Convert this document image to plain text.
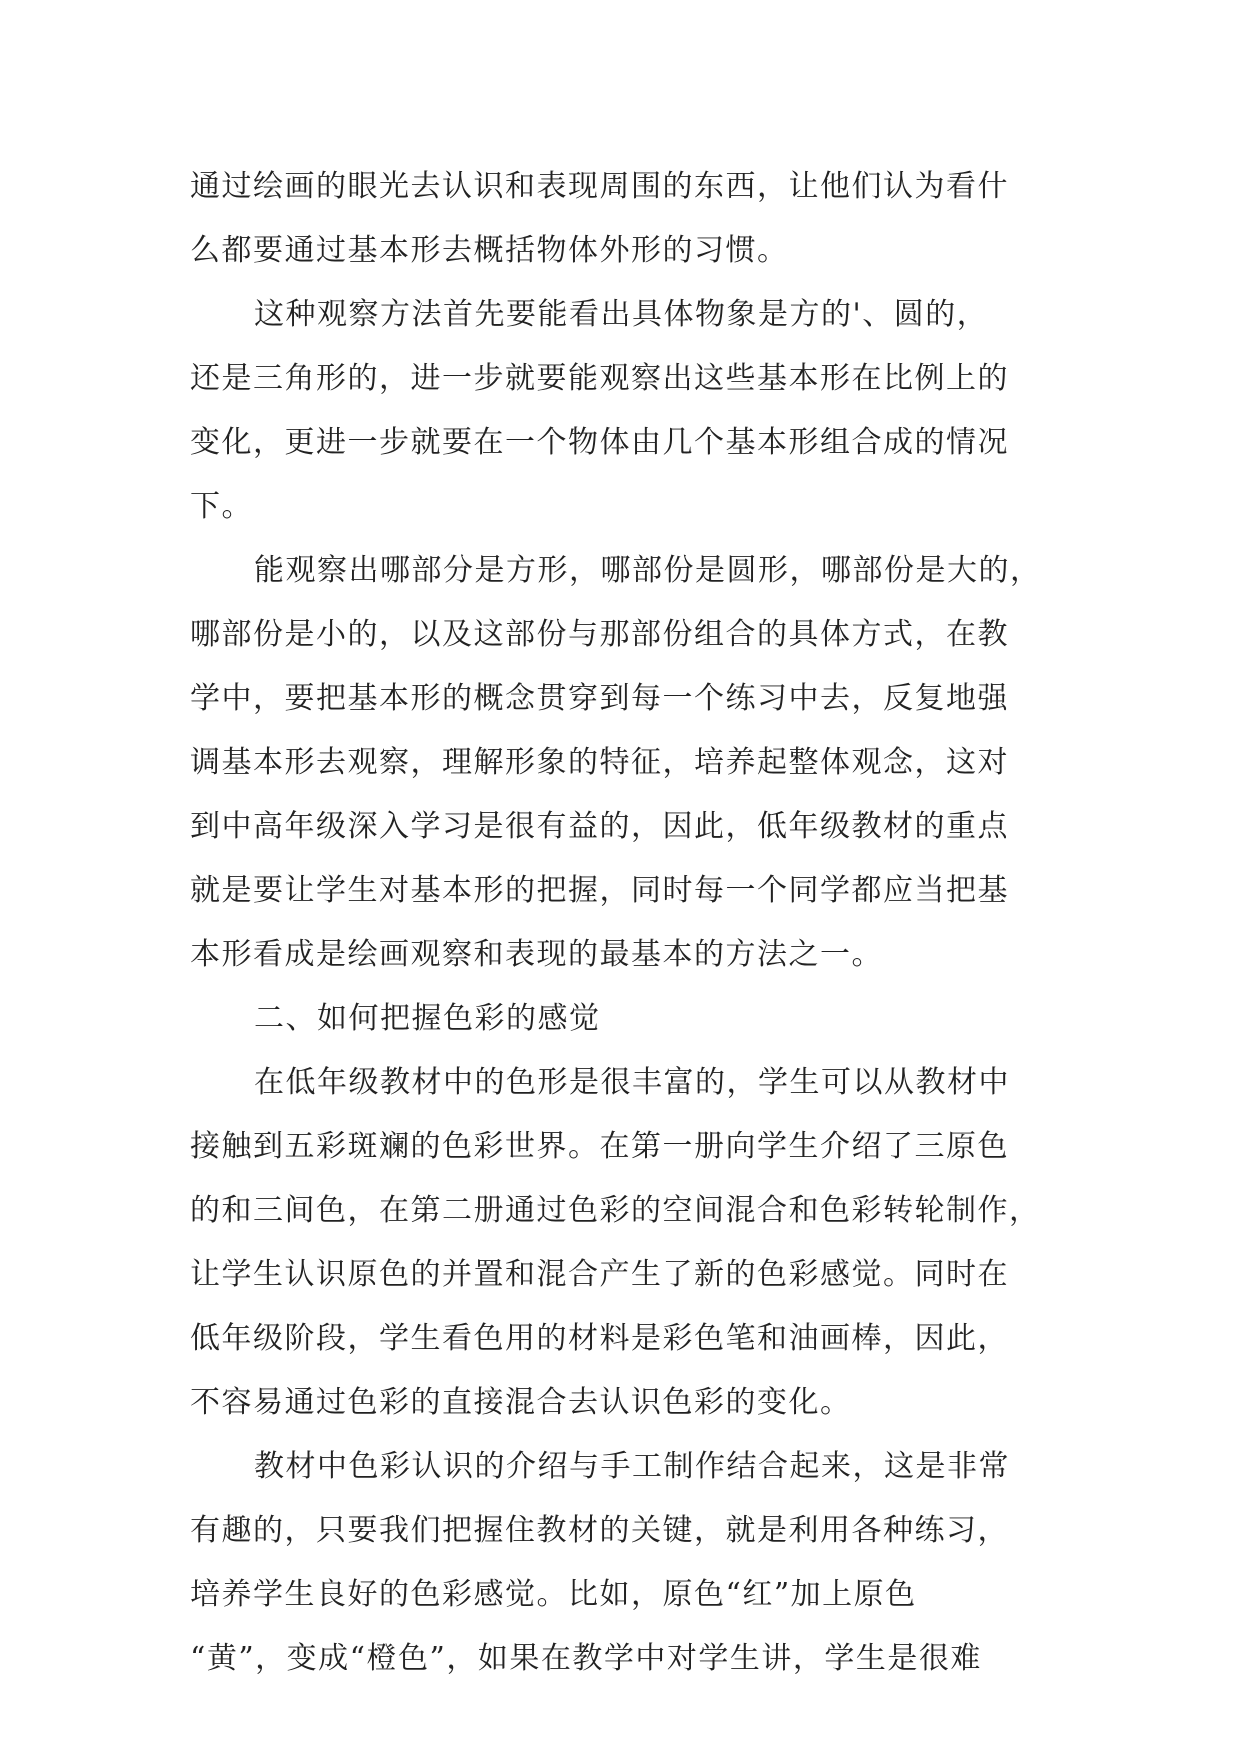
通过绘画的眼光去认识和表现周围的东西，让他们认为看什
么都要通过基本形去概括物体外形的习惯。
这种观察方法首先要能看出具体物象是方的'、圆的，
还是三角形的，进一步就要能观察出这些基本形在比例上的
变化，更进一步就要在一个物体由几个基本形组合成的情况
下。
能观察出哪部分是方形，哪部份是圆形，哪部份是大的，
哪部份是小的，以及这部份与那部份组合的具体方式，在教
学中，要把基本形的概念贯穿到每一个练习中去，反复地强
调基本形去观察，理解形象的特征，培养起整体观念，这对
到中高年级深入学习是很有益的，因此，低年级教材的重点
就是要让学生对基本形的把握，同时每一个同学都应当把基
本形看成是绘画观察和表现的最基本的方法之一。
二、如何把握色彩的感觉
在低年级教材中的色形是很丰富的，学生可以从教材中
接触到五彩斑斓的色彩世界。在第一册向学生介绍了三原色
的和三间色，在第二册通过色彩的空间混合和色彩转轮制作，
让学生认识原色的并置和混合产生了新的色彩感觉。同时在
低年级阶段，学生看色用的材料是彩色笔和油画棒，因此，
不容易通过色彩的直接混合去认识色彩的变化。
教材中色彩认识的介绍与手工制作结合起来，这是非常
有趣的，只要我们把握住教材的关键，就是利用各种练习，
培养学生良好的色彩感觉。比如，原色“红”加上原色
“黄”，变成“橙色”，如果在教学中对学生讲，学生是很难
